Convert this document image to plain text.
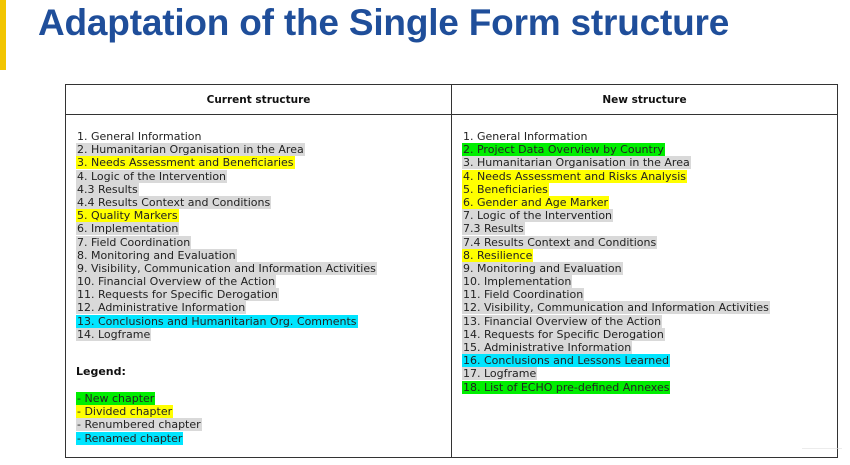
Adaptation of the Single Form structure
Current structure
1. General Information
2. Humanitarian Organisation in the Area
3. Needs Assessment and Beneficiaries
4. Logic of the Intervention
4.3 Results
4.4 Results Context and Conditions
5. Quality Markers
6. Implementation
7. Field Coordination
8. Monitoring and Evaluation
9. Visibility, Communication and Information Activities
10. Financial Overview of the Action
11. Requests for Specific Derogation
12. Administrative Information
13. Conclusions and Humanitarian Org. Comments
14. Logframe
Legend:
- New chapter
- Divided chapter
- Renumbered chapter
- Renamed chapter
New structure
1. General Information
2. Project Data Overview by Country
3. Humanitarian Organisation in the Area
4. Needs Assessment and Risks Analysis
5. Beneficiaries
6. Gender and Age Marker
7. Logic of the Intervention
7.3 Results
7.4 Results Context and Conditions
8. Resilience
9. Monitoring and Evaluation
10. Implementation
11. Field Coordination
12. Visibility, Communication and Information Activities
13. Financial Overview of the Action
14. Requests for Specific Derogation
15. Administrative Information
16. Conclusions and Lessons Learned
17. Logframe
18. List of ECHO pre-defined Annexes
